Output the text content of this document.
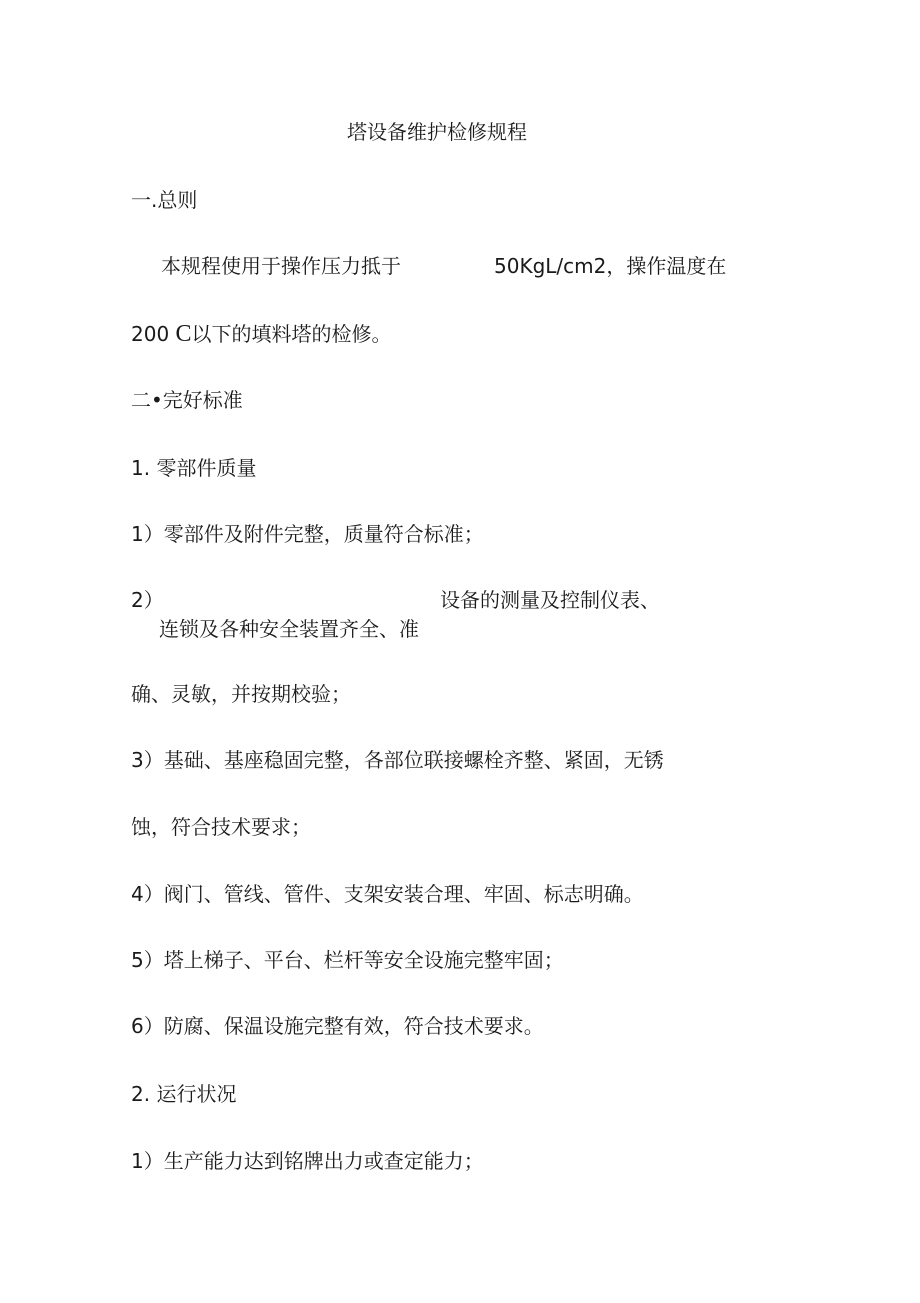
塔设备维护检修规程
一.总则
本规程使用于操作压力抵于	50KgL/cm2，操作温度在
200 C以下的填料塔的检修。
二•完好标准
1. 零部件质量
1）零部件及附件完整，质量符合标准；
2）	设备的测量及控制仪表、
连锁及各种安全装置齐全、准
确、灵敏，并按期校验；
3）基础、基座稳固完整，各部位联接螺栓齐整、紧固，无锈
蚀，符合技术要求；
4）阀门、管线、管件、支架安装合理、牢固、标志明确。
5）塔上梯子、平台、栏杆等安全设施完整牢固；
6）防腐、保温设施完整有效，符合技术要求。
2. 运行状况
1）生产能力达到铭牌出力或查定能力；
